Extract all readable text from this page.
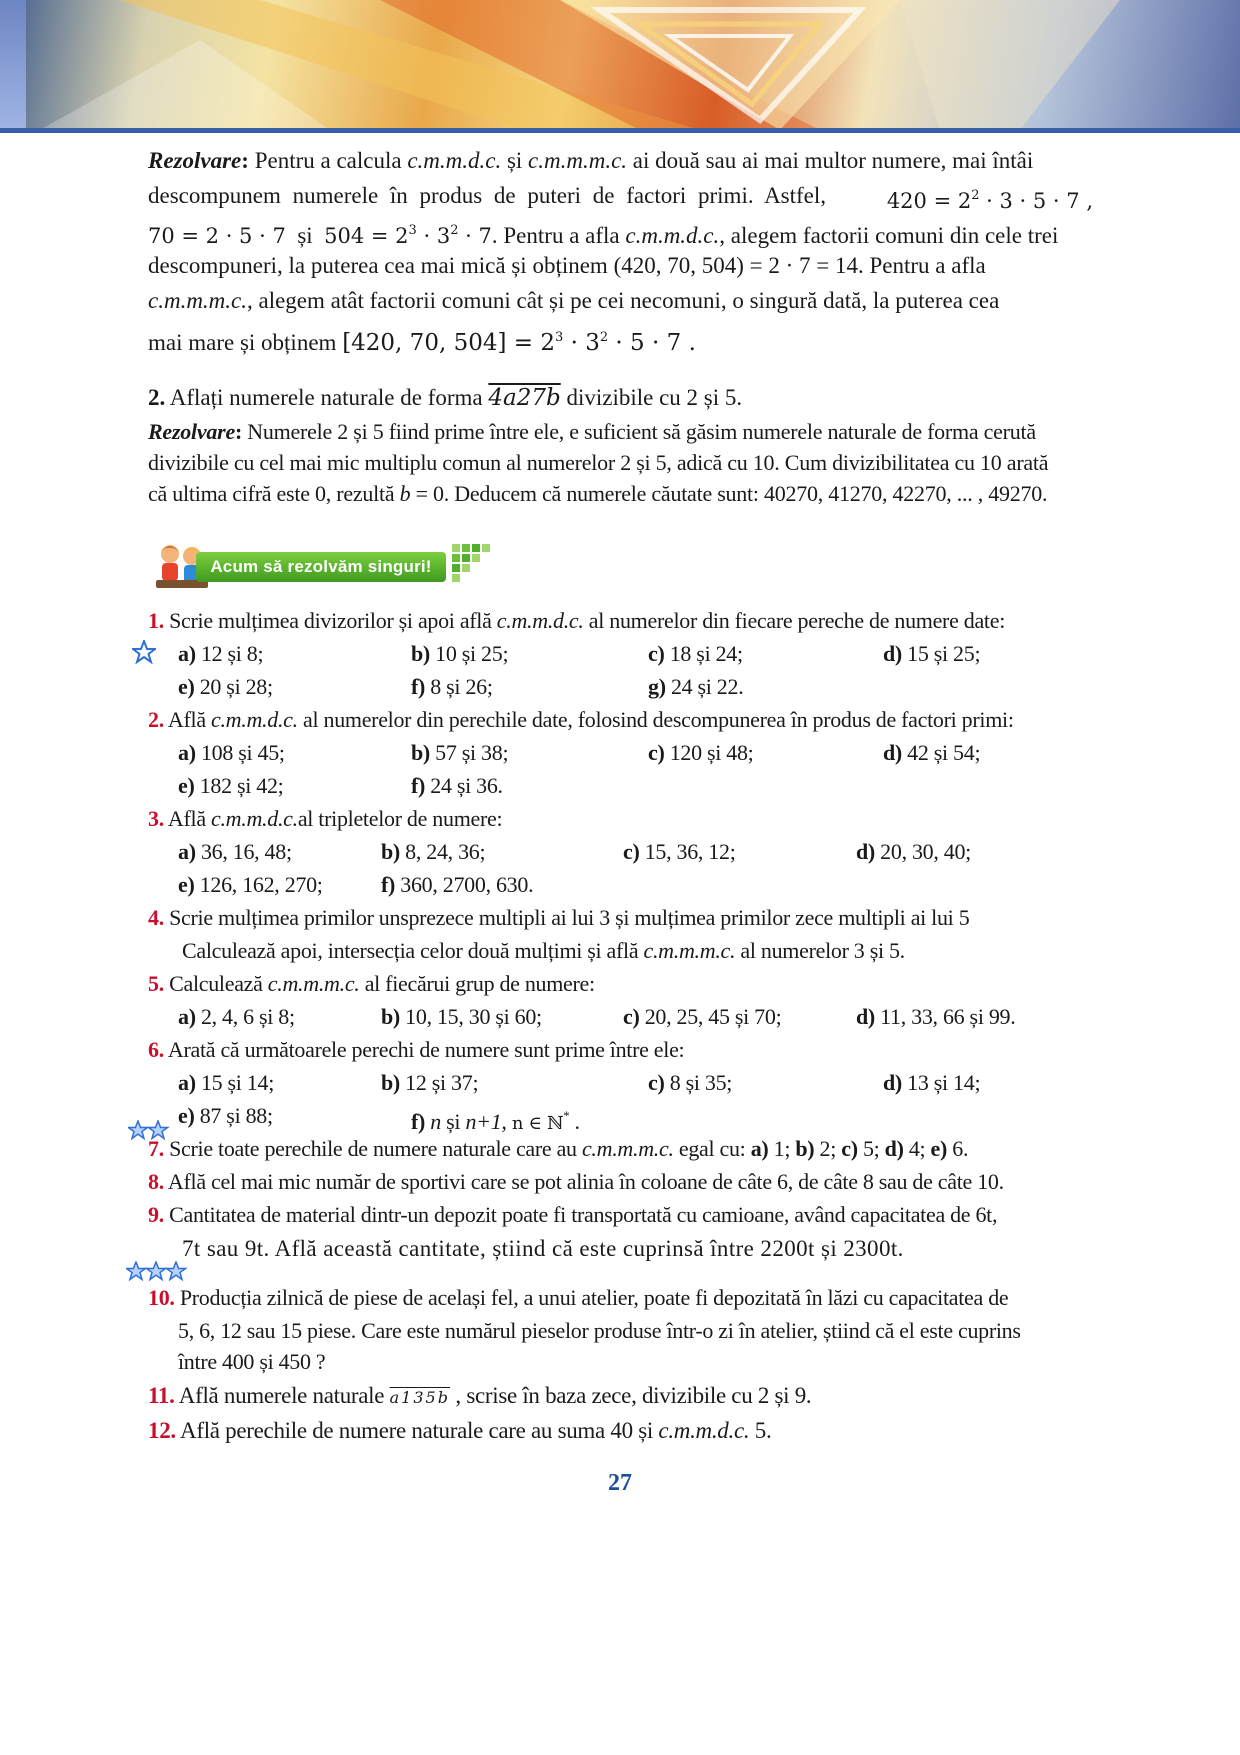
Rezolvare: Pentru a calcula c.m.m.d.c. și c.m.m.m.c. ai două sau ai mai multor numere, mai întâi

descompunem numerele în produs de puteri de factori primi. Astfel,	$420 = 2^2 \cdot 3 \cdot 5 \cdot 7$ ,

70 = 2 · 5 · 7  și  $504 = 2^3 \cdot 3^2 \cdot 7$. Pentru a afla c.m.m.d.c., alegem factorii comuni din cele trei

descompuneri, la puterea cea mai mică și obținem (420, 70, 504) = 2 · 7 = 14. Pentru a afla

c.m.m.m.c., alegem atât factorii comuni cât și pe cei necomuni, o singură dată, la puterea cea

mai mare și obținem [420, 70, $504] = 2^3 \cdot 3^2 \cdot 5 \cdot 7$ .

2. Aflați numerele naturale de forma 4a27b divizibile cu 2 și 5.

Rezolvare: Numerele 2 și 5 fiind prime între ele, e suficient să găsim numerele naturale de forma cerută

divizibile cu cel mai mic multiplu comun al numerelor 2 și 5, adică cu 10. Cum divizibilitatea cu 10 arată

că ultima cifră este 0, rezultă b = 0. Deducem că numerele căutate sunt: 40270, 41270, 42270, ... , 49270.

Acum să rezolvăm singuri!
1. Scrie mulțimea divizorilor și apoi află c.m.m.d.c. al numerelor din fiecare pereche de numere date:
a) 12 și 8;	b) 10 și 25;	c) 18 și 24;	d) 15 și 25;
e) 20 și 28;	f) 8 și 26;	g) 24 și 22.
2. Află c.m.m.d.c. al numerelor din perechile date, folosind descompunerea în produs de factori primi:
a) 108 și 45;	b) 57 și 38;	c) 120 și 48;	d) 42 și 54;
e) 182 și 42;	f) 24 și 36.
3. Află c.m.m.d.c.al tripletelor de numere:
a) 36, 16, 48;	b) 8, 24, 36;	c) 15, 36, 12;	d) 20, 30, 40;
e) 126, 162, 270;	f) 360, 2700, 630.
4. Scrie mulțimea primilor unsprezece multipli ai lui 3 și mulțimea primilor zece multipli ai lui 5
Calculează apoi, intersecția celor două mulțimi și află c.m.m.m.c. al numerelor 3 și 5.
5. Calculează c.m.m.m.c. al fiecărui grup de numere:
a) 2, 4, 6 și 8;	b) 10, 15, 30 și 60;	c) 20, 25, 45 și 70;	d) 11, 33, 66 și 99.
6. Arată că următoarele perechi de numere sunt prime între ele:
a) 15 și 14;	b) 12 și 37;	c) 8 și 35;	d) 13 și 14;
e) 87 și 88;	f) n și n+1, n ∈ ℕ* .
7. Scrie toate perechile de numere naturale care au c.m.m.m.c. egal cu: a) 1; b) 2; c) 5; d) 4; e) 6.
8. Află cel mai mic număr de sportivi care se pot alinia în coloane de câte 6, de câte 8 sau de câte 10.
9. Cantitatea de material dintr-un depozit poate fi transportată cu camioane, având capacitatea de 6t,
7t sau 9t. Află această cantitate, știind că este cuprinsă între 2200t și 2300t.
10. Producția zilnică de piese de același fel, a unui atelier, poate fi depozitată în lăzi cu capacitatea de
5, 6, 12 sau 15 piese. Care este numărul pieselor produse într-o zi în atelier, știind că el este cuprins
între 400 și 450 ?
11. Află numerele naturale a135b , scrise în baza zece, divizibile cu 2 și 9.
12. Află perechile de numere naturale care au suma 40 și c.m.m.d.c. 5.
27
